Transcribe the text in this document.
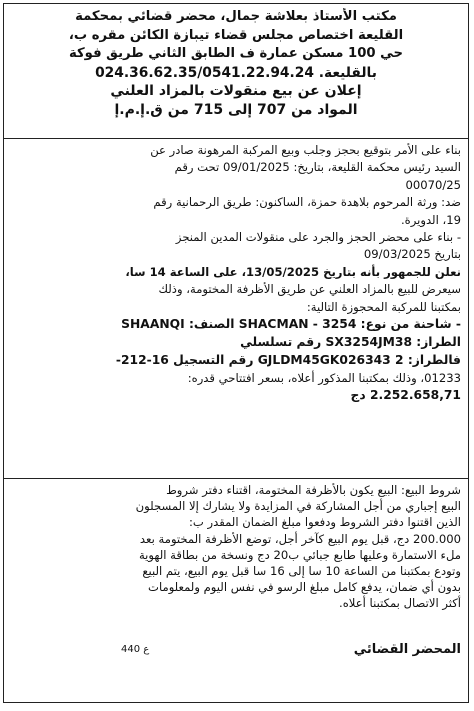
مكتب الأستاذ بعلاشة جمال، محضر قضائي بمحكمة
القليعة اختصاص مجلس قضاء تيبازة الكائن مقره ب،
حي 100 مسكن عمارة ف الطابق الثاني طريق فوكة
بالقليعة. 024.36.62.35/0541.22.94.24
إعلان عن بيع منقولات بالمزاد العلني
المواد من 707 إلى 715 من ق.إ.م.إ
بناء على الأمر بتوقيع بحجز وجلب وبيع المركبة المرهونة صادر عن
السيد رئيس محكمة القليعة، بتاريخ: 09/01/2025 تحت رقم
00070/25
ضد: ورثة المرحوم بلاهدة حمزة، الساكنون: طريق الرحمانية رقم
19، الدويرة.
- بناء على محضر الحجز والجرد على منقولات المدين المنجز
بتاريخ 09/03/2025
نعلن للجمهور بأنه بتاريخ 13/05/2025، على الساعة 14 سا،
سيعرض للبيع بالمزاد العلني عن طريق الأظرفة المختومة، وذلك
بمكتبنا للمركبة المحجوزة التالية:
- شاحنة من نوع: SHACMAN - 3254 الصنف: SHAANQI
الطراز: SX3254JM38 رقم تسلسلي
فالطراز: GJLDM45GK026343 2 رقم التسجيل 16-212-
01233، وذلك بمكتبنا المذكور أعلاه، بسعر افتتاحي قدره:
2.252.658,71 دج
شروط البيع: البيع يكون بالأظرفة المختومة، اقتناء دفتر شروط
البيع إجباري من أجل المشاركة في المزايدة ولا يشارك إلا المسجلون
الذين اقتنوا دفتر الشروط ودفعوا مبلغ الضمان المقدر ب:
200.000 دج، قبل يوم البيع كآخر أجل، توضع الأظرفة المختومة بعد
ملء الاستمارة وعليها طابع جبائي ب20 دج ونسخة من بطاقة الهوية
وتودع بمكتبنا من الساعة 10 سا إلى 16 سا قبل يوم البيع، يتم البيع
بدون أي ضمان، يدفع كامل مبلغ الرسو في نفس اليوم ولمعلومات
أكثر الاتصال بمكتبنا أعلاه.
المحضر القضائي
ع 440
